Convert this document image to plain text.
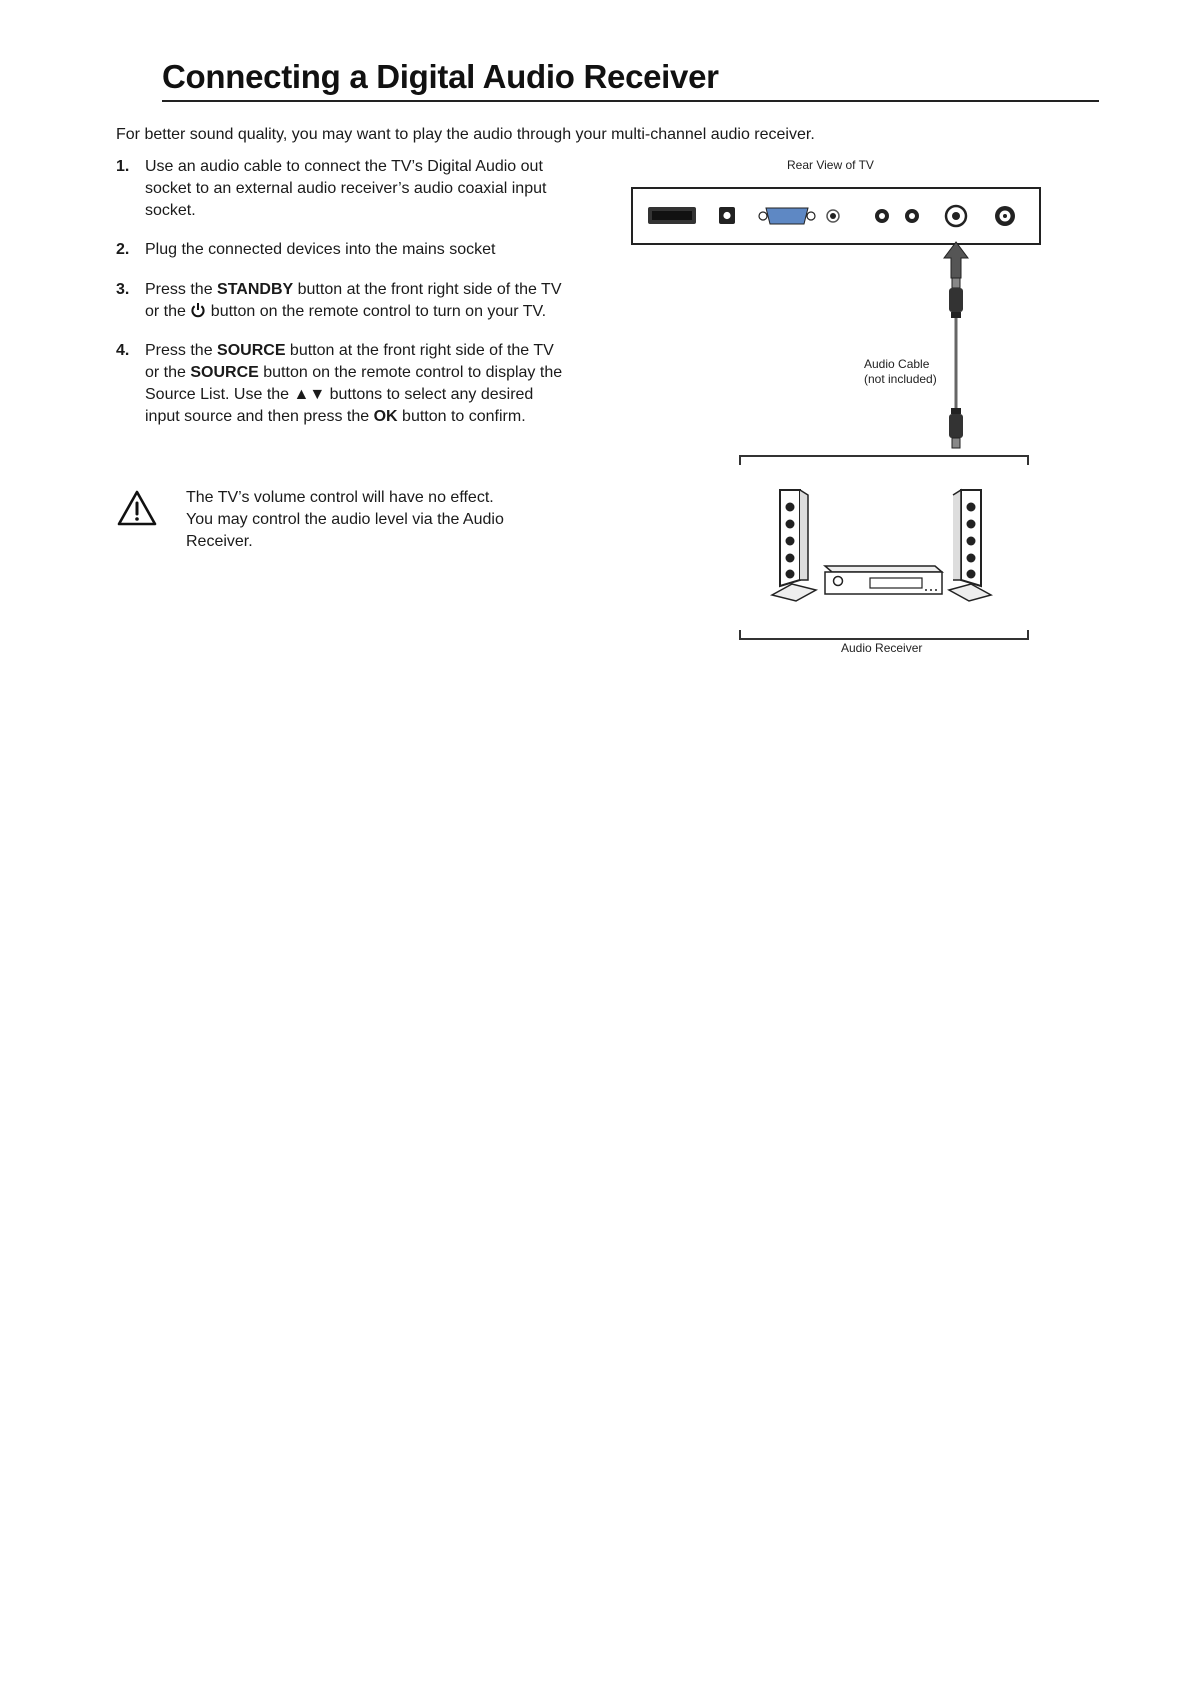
Connecting a Digital Audio Receiver

For better sound quality, you may want to play the audio through your multi-channel audio receiver.

1. Use an audio cable to connect the TV’s Digital Audio out socket to an external audio receiver’s audio coaxial input socket.
2. Plug the connected devices into the mains socket
3. Press the STANDBY button at the front right side of the TV or the  button on the remote control to turn on your TV.
4. Press the SOURCE button at the front right side of the TV or the SOURCE button on the remote control to display the Source List. Use the ▲▼ buttons to select any desired input source and then press the OK button to confirm.

The TV’s volume control will have no effect. You may control the audio level via the Audio Receiver.

Rear View of TV

Audio Cable
(not included)

Audio Receiver
